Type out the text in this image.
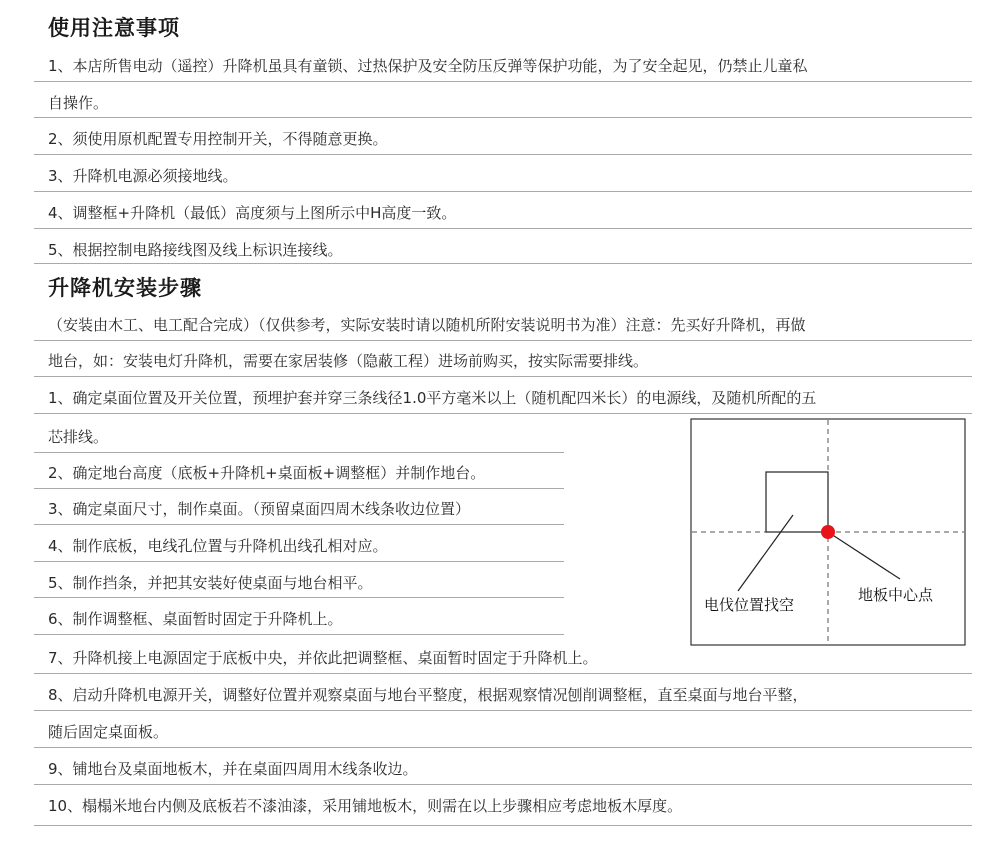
使用注意事项
1、本店所售电动（遥控）升降机虽具有童锁、过热保护及安全防压反弹等保护功能，为了安全起见，仍禁止儿童私
自操作。
2、须使用原机配置专用控制开关，不得随意更换。
3、升降机电源必须接地线。
4、调整框+升降机（最低）高度须与上图所示中H高度一致。
5、根据控制电路接线图及线上标识连接线。
升降机安装步骤
（安装由木工、电工配合完成）（仅供参考，实际安装时请以随机所附安装说明书为准）注意：先买好升降机，再做
地台，如：安装电灯升降机，需要在家居装修（隐蔽工程）进场前购买，按实际需要排线。
1、确定桌面位置及开关位置，预埋护套并穿三条线径1.0平方毫米以上（随机配四米长）的电源线，及随机所配的五
芯排线。
2、确定地台高度（底板+升降机+桌面板+调整框）并制作地台。
3、确定桌面尺寸，制作桌面。（预留桌面四周木线条收边位置）
4、制作底板，电线孔位置与升降机出线孔相对应。
5、制作挡条，并把其安装好使桌面与地台相平。
6、制作调整框、桌面暂时固定于升降机上。
7、升降机接上电源固定于底板中央，并依此把调整框、桌面暂时固定于升降机上。
8、启动升降机电源开关，调整好位置并观察桌面与地台平整度，根据观察情况刨削调整框，直至桌面与地台平整，
随后固定桌面板。
9、铺地台及桌面地板木，并在桌面四周用木线条收边。
10、榻榻米地台内侧及底板若不漆油漆，采用铺地板木，则需在以上步骤相应考虑地板木厚度。
电伐位置找空
地板中心点
